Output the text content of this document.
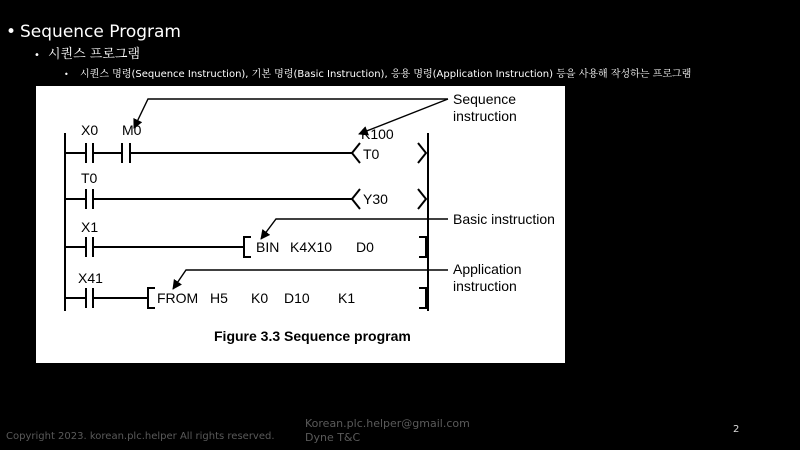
• Sequence Program
• 시퀀스 프로그램
• 시퀀스 명령(Sequence Instruction), 기본 명령(Basic Instruction), 응용 명령(Application Instruction) 등을 사용해 작성하는 프로그램
X0 M0
T0
X1
X41
K100
T0
Y30
BIN K4X10 D0
FROM H5 K0 D10 K1
Sequence
instruction
Basic instruction
Application
instruction
Figure 3.3 Sequence program
Copyright 2023. korean.plc.helper All rights reserved.
Korean.plc.helper@gmail.com
Dyne T&C
2
